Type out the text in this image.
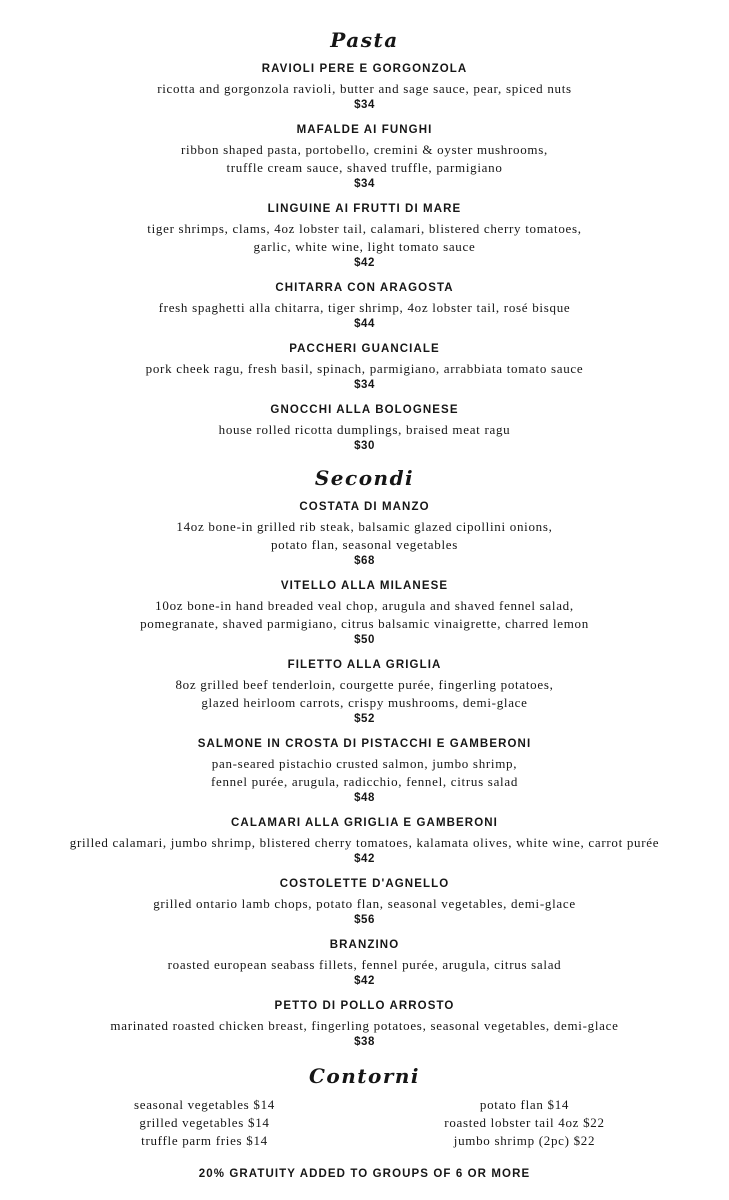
Pasta
RAVIOLI PERE E GORGONZOLA
ricotta and gorgonzola ravioli, butter and sage sauce, pear, spiced nuts
$34
MAFALDE AI FUNGHI
ribbon shaped pasta, portobello, cremini & oyster mushrooms,
truffle cream sauce, shaved truffle, parmigiano
$34
LINGUINE AI FRUTTI DI MARE
tiger shrimps, clams, 4oz lobster tail, calamari, blistered cherry tomatoes,
garlic, white wine, light tomato sauce
$42
CHITARRA CON ARAGOSTA
fresh spaghetti alla chitarra, tiger shrimp, 4oz lobster tail, rosé bisque
$44
PACCHERI GUANCIALE
pork cheek ragu, fresh basil, spinach, parmigiano, arrabbiata tomato sauce
$34
GNOCCHI ALLA BOLOGNESE
house rolled ricotta dumplings, braised meat ragu
$30
Secondi
COSTATA DI MANZO
14oz bone-in grilled rib steak, balsamic glazed cipollini onions,
potato flan, seasonal vegetables
$68
VITELLO ALLA MILANESE
10oz bone-in hand breaded veal chop, arugula and shaved fennel salad,
pomegranate, shaved parmigiano, citrus balsamic vinaigrette, charred lemon
$50
FILETTO ALLA GRIGLIA
8oz grilled beef tenderloin, courgette purée, fingerling potatoes,
glazed heirloom carrots, crispy mushrooms, demi-glace
$52
SALMONE IN CROSTA DI PISTACCHI E GAMBERONI
pan-seared pistachio crusted salmon, jumbo shrimp,
fennel purée, arugula, radicchio, fennel, citrus salad
$48
CALAMARI ALLA GRIGLIA E GAMBERONI
grilled calamari, jumbo shrimp, blistered cherry tomatoes, kalamata olives, white wine, carrot purée
$42
COSTOLETTE D'AGNELLO
grilled ontario lamb chops, potato flan, seasonal vegetables, demi-glace
$56
BRANZINO
roasted european seabass fillets, fennel purée, arugula, citrus salad
$42
PETTO DI POLLO ARROSTO
marinated roasted chicken breast, fingerling potatoes, seasonal vegetables, demi-glace
$38
Contorni
seasonal vegetables $14
grilled vegetables $14
truffle parm fries $14
potato flan $14
roasted lobster tail 4oz $22
jumbo shrimp (2pc) $22
20% GRATUITY ADDED TO GROUPS OF 6 OR MORE
